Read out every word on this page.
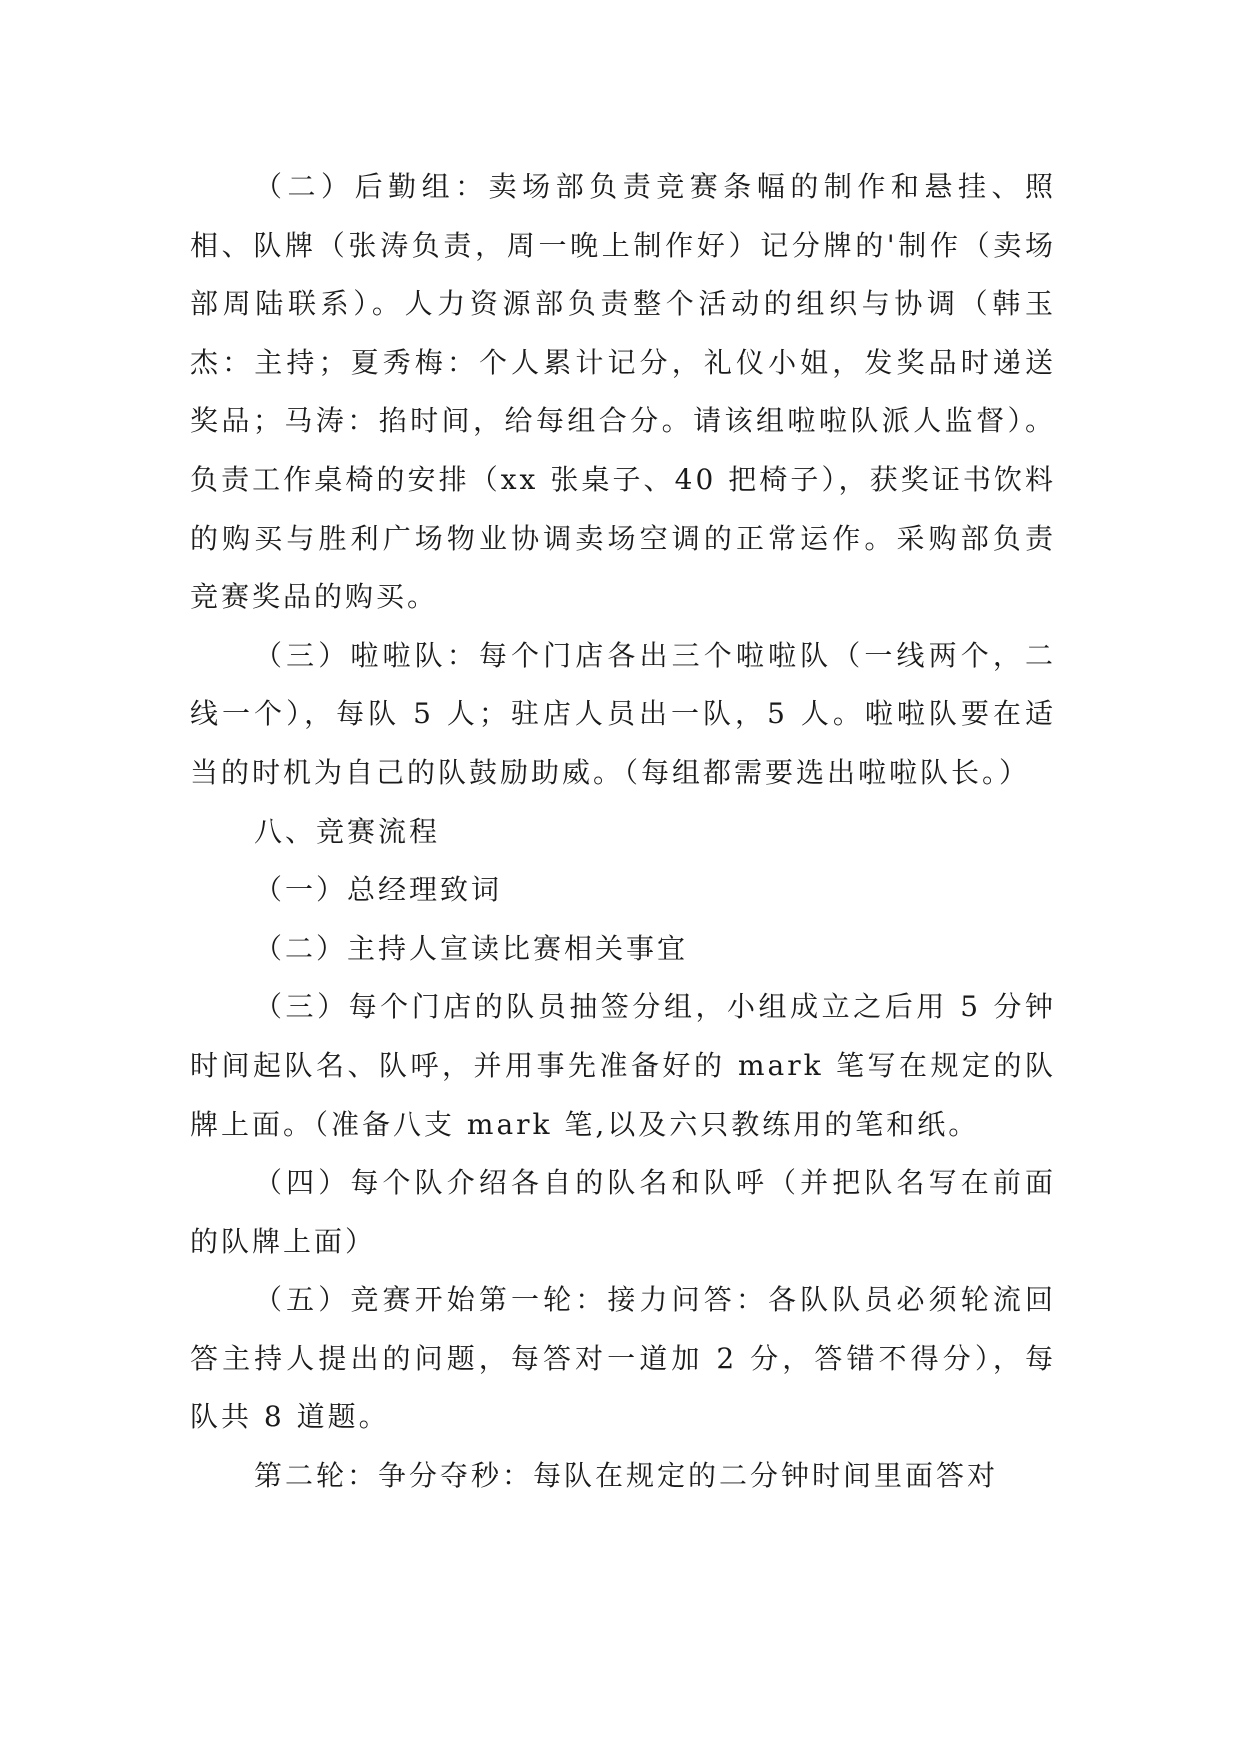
（二）后勤组：卖场部负责竞赛条幅的制作和悬挂、照相、队牌（张涛负责，周一晚上制作好）记分牌的'制作（卖场部周陆联系）。人力资源部负责整个活动的组织与协调（韩玉杰：主持；夏秀梅：个人累计记分，礼仪小姐，发奖品时递送奖品；马涛：掐时间，给每组合分。请该组啦啦队派人监督）。负责工作桌椅的安排（xx 张桌子、40 把椅子），获奖证书饮料的购买与胜利广场物业协调卖场空调的正常运作。采购部负责竞赛奖品的购买。

（三）啦啦队：每个门店各出三个啦啦队（一线两个，二线一个），每队 5 人；驻店人员出一队，5 人。啦啦队要在适当的时机为自己的队鼓励助威。（每组都需要选出啦啦队长。）

八、竞赛流程

（一）总经理致词

（二）主持人宣读比赛相关事宜

（三）每个门店的队员抽签分组，小组成立之后用 5 分钟时间起队名、队呼，并用事先准备好的 mark 笔写在规定的队牌上面。（准备八支 mark 笔,以及六只教练用的笔和纸。

（四）每个队介绍各自的队名和队呼（并把队名写在前面的队牌上面）

（五）竞赛开始第一轮：接力问答：各队队员必须轮流回答主持人提出的问题，每答对一道加 2 分，答错不得分），每队共 8 道题。

第二轮：争分夺秒：每队在规定的二分钟时间里面答对
